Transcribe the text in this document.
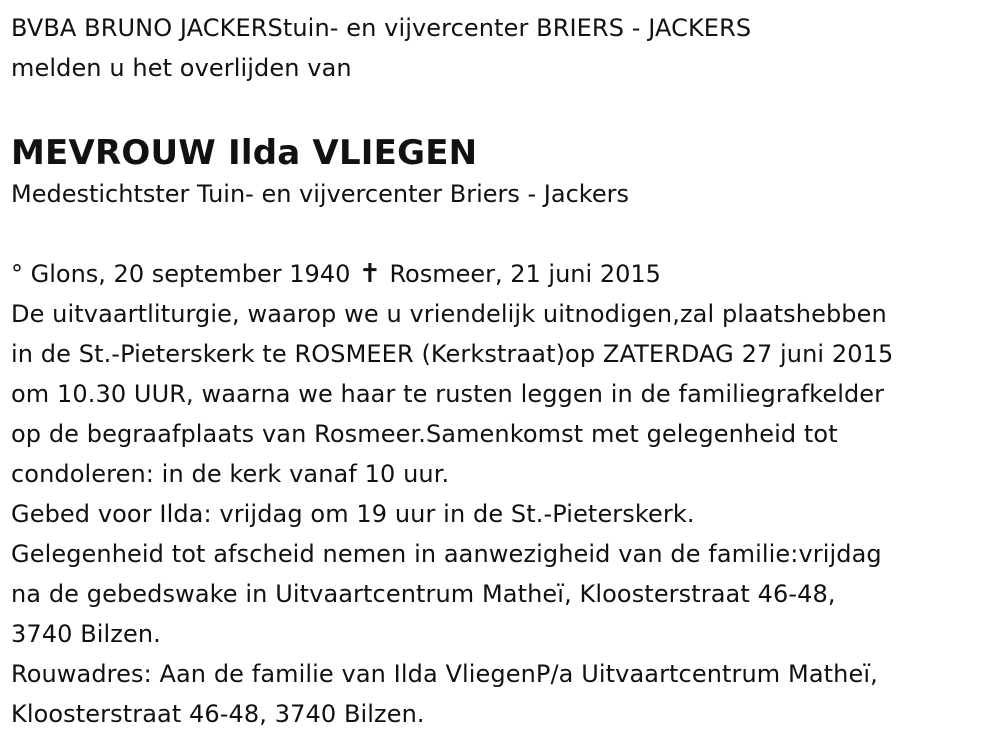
BVBA BRUNO JACKERStuin- en vijvercenter BRIERS - JACKERS
melden u het overlijden van
MEVROUW Ilda VLIEGEN
Medestichtster Tuin- en vijvercenter Briers - Jackers
° Glons, 20 september 1940 ✝ Rosmeer, 21 juni 2015
De uitvaartliturgie, waarop we u vriendelijk uitnodigen,zal plaatshebben
in de St.-Pieterskerk te ROSMEER (Kerkstraat)op ZATERDAG 27 juni 2015
om 10.30 UUR, waarna we haar te rusten leggen in de familiegrafkelder
op de begraafplaats van Rosmeer.Samenkomst met gelegenheid tot
condoleren: in de kerk vanaf 10 uur.
Gebed voor Ilda: vrijdag om 19 uur in de St.-Pieterskerk.
Gelegenheid tot afscheid nemen in aanwezigheid van de familie:vrijdag
na de gebedswake in Uitvaartcentrum Matheï, Kloosterstraat 46-48,
3740 Bilzen.
Rouwadres: Aan de familie van Ilda VliegenP/a Uitvaartcentrum Matheï,
Kloosterstraat 46-48, 3740 Bilzen.
